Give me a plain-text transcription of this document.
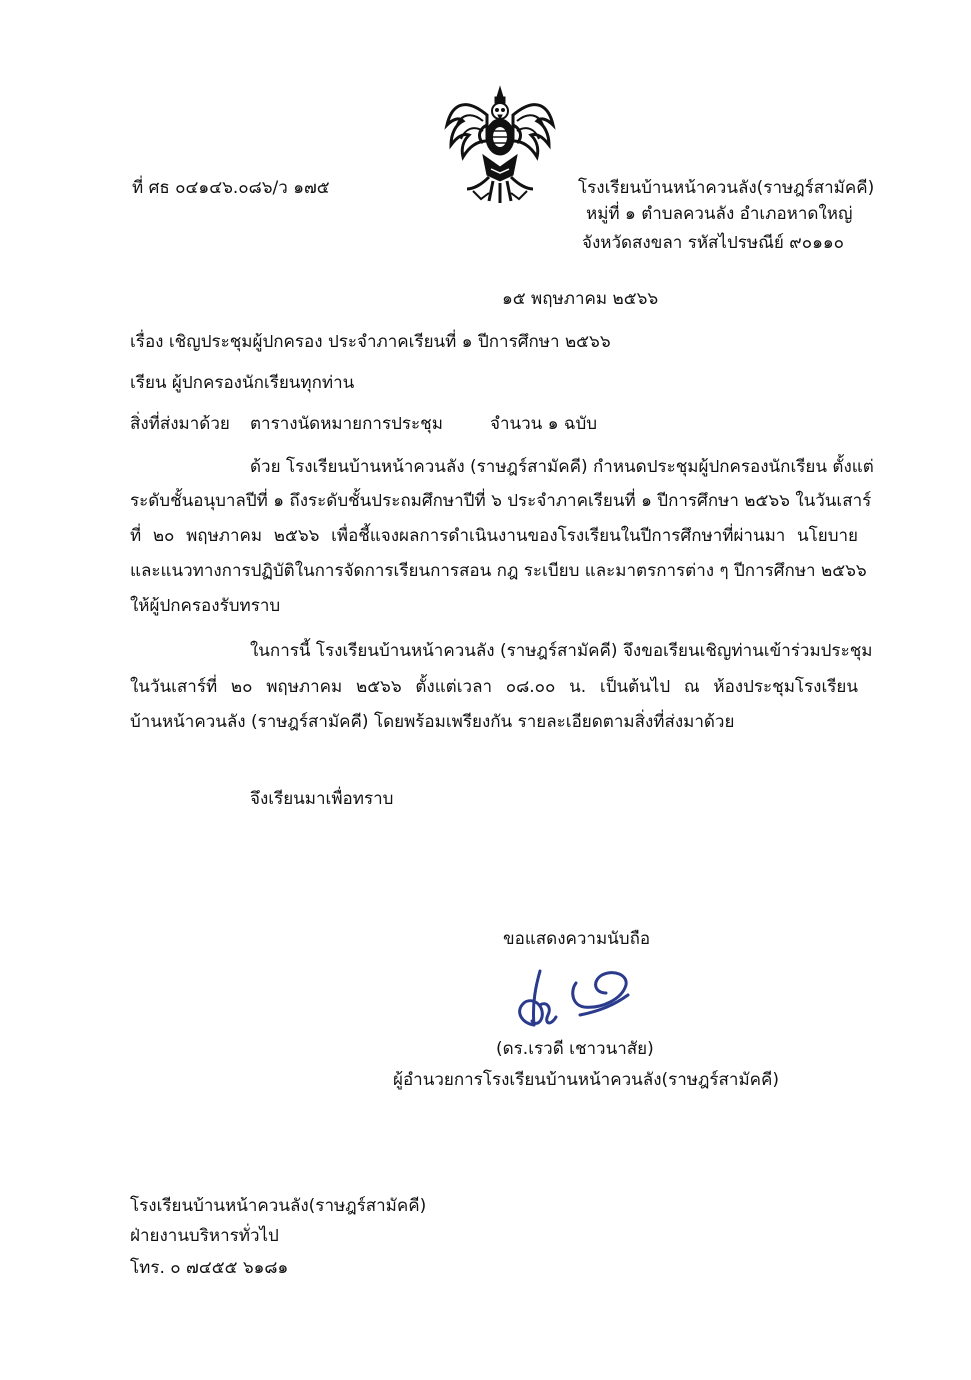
ที่ ศธ ๐๔๑๔๖.๐๘๖/ว ๑๗๕	โรงเรียนบ้านหน้าควนลัง(ราษฎร์สามัคคี)
หมู่ที่ ๑ ตำบลควนลัง อำเภอหาดใหญ่
จังหวัดสงขลา รหัสไปรษณีย์ ๙๐๑๑๐
๑๕ พฤษภาคม ๒๕๖๖
เรื่อง เชิญประชุมผู้ปกครอง ประจำภาคเรียนที่ ๑ ปีการศึกษา ๒๕๖๖
เรียน ผู้ปกครองนักเรียนทุกท่าน
สิ่งที่ส่งมาด้วย ตารางนัดหมายการประชุม	จำนวน ๑ ฉบับ
ด้วย โรงเรียนบ้านหน้าควนลัง (ราษฎร์สามัคคี) กำหนดประชุมผู้ปกครองนักเรียน ตั้งแต่
ระดับชั้นอนุบาลปีที่ ๑ ถึงระดับชั้นประถมศึกษาปีที่ ๖ ประจำภาคเรียนที่ ๑ ปีการศึกษา ๒๕๖๖ ในวันเสาร์
ที่ ๒๐ พฤษภาคม ๒๕๖๖ เพื่อชี้แจงผลการดำเนินงานของโรงเรียนในปีการศึกษาที่ผ่านมา นโยบาย
และแนวทางการปฏิบัติในการจัดการเรียนการสอน กฎ ระเบียบ และมาตรการต่าง ๆ ปีการศึกษา ๒๕๖๖
ให้ผู้ปกครองรับทราบ
ในการนี้ โรงเรียนบ้านหน้าควนลัง (ราษฎร์สามัคคี) จึงขอเรียนเชิญท่านเข้าร่วมประชุม
ในวันเสาร์ที่ ๒๐ พฤษภาคม ๒๕๖๖ ตั้งแต่เวลา ๐๘.๐๐ น. เป็นต้นไป ณ ห้องประชุมโรงเรียน
บ้านหน้าควนลัง (ราษฎร์สามัคคี) โดยพร้อมเพรียงกัน รายละเอียดตามสิ่งที่ส่งมาด้วย
จึงเรียนมาเพื่อทราบ
ขอแสดงความนับถือ
(ดร.เรวดี เชาวนาสัย)
ผู้อำนวยการโรงเรียนบ้านหน้าควนลัง(ราษฎร์สามัคคี)
โรงเรียนบ้านหน้าควนลัง(ราษฎร์สามัคคี)
ฝ่ายงานบริหารทั่วไป
โทร. ๐ ๗๔๕๕ ๖๑๘๑
